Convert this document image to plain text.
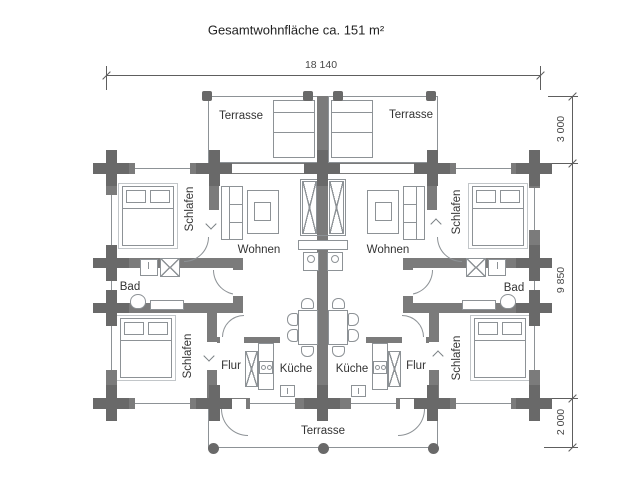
Gesamtwohnfläche ca. 151 m²
18 140
3 000
9 850
2 000
Terrasse	Terrasse
Terrasse
Schlafen	Schlafen
Schlafen	Schlafen
Wohnen	Wohnen
Bad	Bad
Flur	Flur
Küche Küche
